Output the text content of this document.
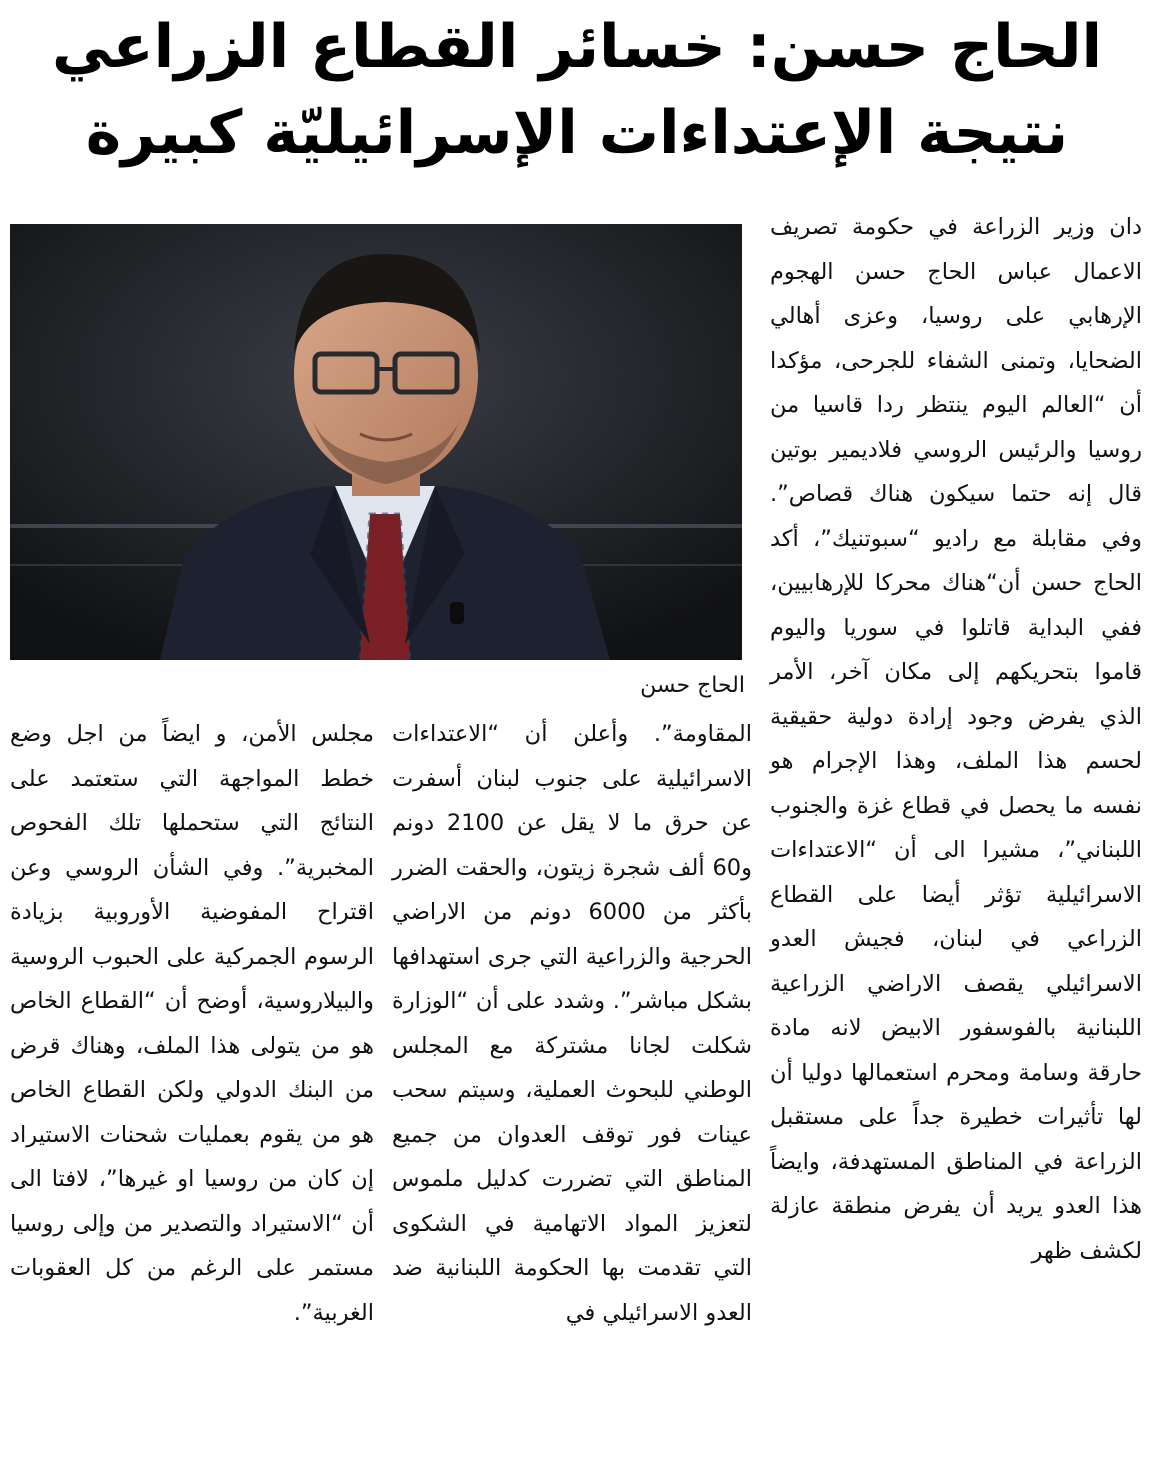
الحاج حسن: خسائر القطاع الزراعي
نتيجة الإعتداءات الإسرائيليّة كبيرة

دان وزير الزراعة في حكومة تصريف الاعمال عباس الحاج حسن الهجوم الإرهابي على روسيا، وعزى أهالي الضحايا، وتمنى الشفاء للجرحى، مؤكدا أن “العالم اليوم ينتظر ردا قاسيا من روسيا والرئيس الروسي فلاديمير بوتين قال إنه حتما سيكون هناك قصاص”. وفي مقابلة مع راديو “سبوتنيك”، أكد الحاج حسن أن“هناك محركا للإرهابيين، ففي البداية قاتلوا في سوريا واليوم قاموا بتحريكهم إلى مكان آخر، الأمر الذي يفرض وجود إرادة دولية حقيقية لحسم هذا الملف، وهذا الإجرام هو نفسه ما يحصل في قطاع غزة والجنوب اللبناني”، مشيرا الى أن “الاعتداءات الاسرائيلية تؤثر أيضا على القطاع الزراعي في لبنان، فجيش العدو الاسرائيلي يقصف الاراضي الزراعية اللبنانية بالفوسفور الابيض لانه مادة حارقة وسامة ومحرم استعمالها دوليا أن لها تأثيرات خطيرة جداً على مستقبل الزراعة في المناطق المستهدفة، وايضاً هذا العدو يريد أن يفرض منطقة عازلة لكشف ظهر

الحاج حسن

المقاومة”. وأعلن أن “الاعتداءات الاسرائيلية على جنوب لبنان أسفرت عن حرق ما لا يقل عن 2100 دونم و60 ألف شجرة زيتون، والحقت الضرر بأكثر من 6000 دونم من الاراضي الحرجية والزراعية التي جرى استهدافها بشكل مباشر”. وشدد على أن “الوزارة شكلت لجانا مشتركة مع المجلس الوطني للبحوث العملية، وسيتم سحب عينات فور توقف العدوان من جميع المناطق التي تضررت كدليل ملموس لتعزيز المواد الاتهامية في الشكوى التي تقدمت بها الحكومة اللبنانية ضد العدو الاسرائيلي في

مجلس الأمن، و ايضاً من اجل وضع خطط المواجهة التي ستعتمد على النتائج التي ستحملها تلك الفحوص المخبرية”. وفي الشأن الروسي وعن اقتراح المفوضية الأوروبية بزيادة الرسوم الجمركية على الحبوب الروسية والبيلاروسية، أوضح أن “القطاع الخاص هو من يتولى هذا الملف، وهناك قرض من البنك الدولي ولكن القطاع الخاص هو من يقوم بعمليات شحنات الاستيراد إن كان من روسيا او غيرها”، لافتا الى أن “الاستيراد والتصدير من وإلى روسيا مستمر على الرغم من كل العقوبات الغربية”.
